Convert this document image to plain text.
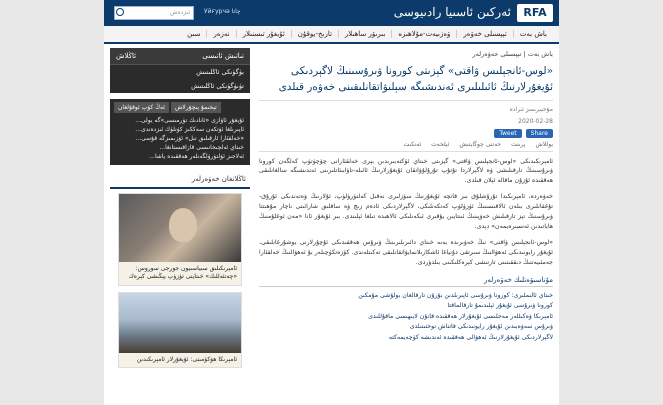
RFA
ئەركىن ئاسىيا رادىيوسى
ئىزدەش	Уйғурчә چاتا
باش بەت
تېپسىلى خەۋەر
ۋەزىيەت-مۇلاھىزە
بىرىۋر ساھىلار
تارىخ-يوقۇن
ئۇيغۇر تىسنىلار
نەزەر
سىن
تىاتىش ئاتىسى
ئاڭلاش
بۈگۈنكى ئاڭلىتىش
تۈنۈگۈنكى ئاڭلىتىش
ئەڭ كۆپ ئوقۇلغان	تېخىمۇ پىچۇرلاش
ئۇيغۇر ئاۋازى «ئانادىك تۈرمىسى»گە يولى...
ئاپىرىلغا ئۆتكەن سەككىز كۈنلۈك ئىزدەندى...
«خەلقئارا ئارقىلىق تىل» ئۆزىمىزگە قۇسى...
خىتاي ئەلچىخانىسى قازاقىستانغا...
ئەلاجىز ئۆلتۈرۈلگەنلەر ھەققىدە ياشا...
ئاڭلانغان خەۋەرلەر
ئامېرىكىلىق سىياسىيون جورجى سوروس: «چەتئەللىك» خىتاينى تۈزۈپ يېڭىشى كېرەك
ئامېرىكا ھۆكۈمىتى: ئۇيغۇرلار ئامېرىكىدىن
باش بەت | تېپسىلى خەۋەرلەر
«لوس-ئانجېلىس ۋاقتى» گېزىتى كورونا ۋىرۇسىنىڭ لاگېردىكى ئۇيغۇرلارنىڭ ئائىلىلىرى ئەندىشىگە سېلىۋاتقانلىقىنى خەۋەر قىلدى
مۇخبىرىمىز ئىرادە
2020-02-28
Tweet	Share
يوللاش
پرىنت
خەتنى چوڭايتىش
ئېلخەت
ئەنكىت

ئامېرىكىدىكى «لوس-ئانجېلىس ۋاقتى» گېزىتى خىتاي ئۆكتەبىرىدىن بېرى خەلقئارانى چۆچۈتۈپ كەلگەن كورونا ۋىرۇسىنىڭ تارقىلىشى ۋە لاگېرلاردا تۇتۇپ تۇرۇلۇۋاتقان ئۇيغۇرلارنىڭ ئائىلە-تاۋابىئاتلىرىنى ئەندىشىگە سالغانلىقى ھەققىدە ئۇزۇن ماقالە ئېلان قىلدى.

خەۋەردە، ئامېرىكىدا تۇرۇشلۇق بىر قانچە ئۇيغۇرنىڭ سۆزلىرى نەقىل كەلتۈرۈلۈپ، ئۇلارنىڭ ۋەتەندىكى ئۇرۇق-تۇغقانلىرى بىلەن ئالاقىسىنىڭ ئۈزۈلۈپ كەتكەنلىكى، لاگېرلاردىكى ئادەم زىچ ۋە ساقلىق شارائىتى ناچار مۇھىتتا ۋىرۇسنىڭ تېز تارقىلىش خەۋپىنىڭ ئىنتايىن يۇقىرى ئىكەنلىكى ئالاھىدە تىلغا ئېلىندى. بىر ئۇيغۇر ئانا «مەن ئوغلۇمنىڭ ھاياتىدىن ئەنسىرەيمەن» دېدى.

«لوس-ئانجېلىس ۋاقتى» نىڭ خەۋىرىدە يەنە خىتاي دائىرىلىرىنىڭ ۋىرۇس ھەققىدىكى ئۇچۇرلارنى يوشۇرغانلىقى، ئۇيغۇر رايونىدىكى ئەھۋالنىڭ سىرتقى دۇنياغا ئاشكارىلانمايۋاتقانلىقى تەكىتلەندى. كۆزەتكۈچىلەر بۇ ئەھۋالنىڭ خەلقئارا جەمئىيەتنىڭ دىققىتىنى تارتىشى كېرەكلىكىنى بىلدۈردى.

مۇناسىۋەتلىك خەۋەرلەر
خىتاي ئالىملىرى: كورونا ۋىرۇسى ئاپىرىلدىن بۇرۇن تارقالغان بولۇشى مۇمكىن
كورونا ۋىرۇسى ئۇيغۇر ئېلىدىمۇ تارقالماقتا
ئامېرىكا ۋەكىللەر مەجلىسى ئۇيغۇرلار ھەققىدە قانۇن لايىھىسى ماقۇللىدى
ۋىرۇس سەۋەبىدىن ئۇيغۇر رايونىدىكى قاتناش توختىتىلدى
لاگېرلاردىكى ئۇيغۇرلارنىڭ ئەھۋالى ھەققىدە ئەندىشە كۈچەيمەكتە
